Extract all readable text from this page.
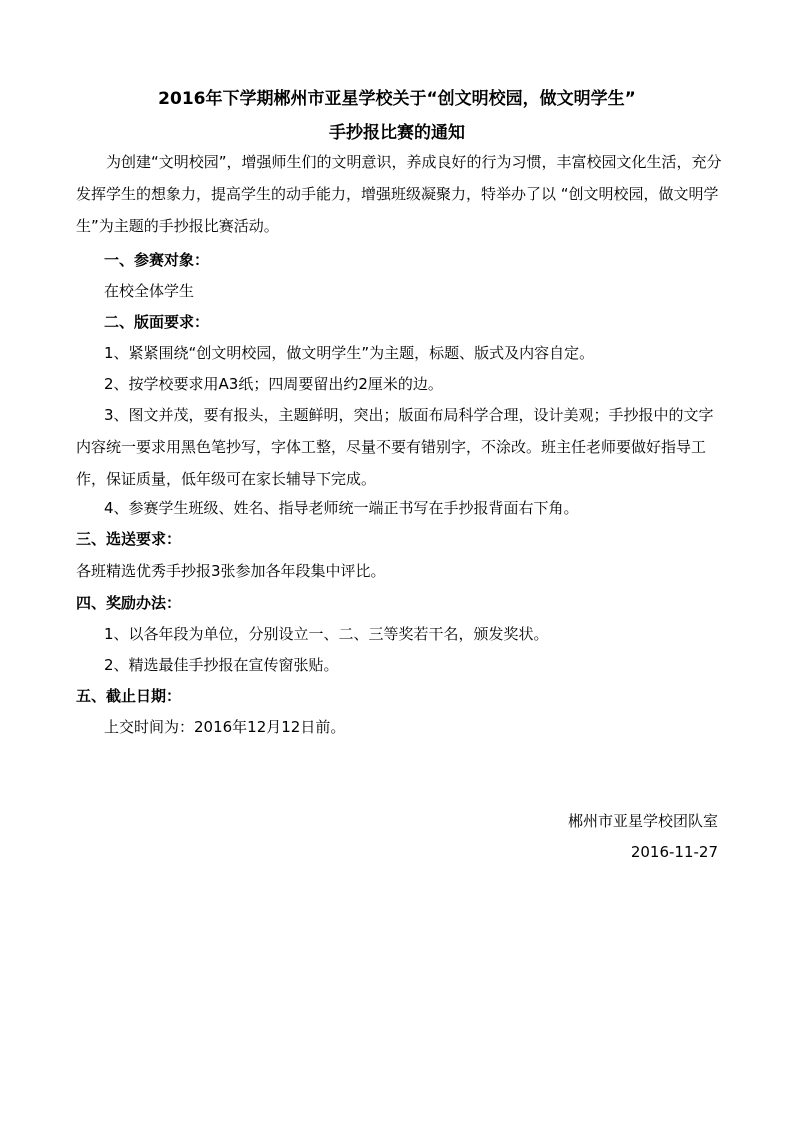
2016年下学期郴州市亚星学校关于“创文明校园，做文明学生”
手抄报比赛的通知
为创建“文明校园”，增强师生们的文明意识，养成良好的行为习惯，丰富校园文化生活，充分发挥学生的想象力，提高学生的动手能力，增强班级凝聚力，特举办了以 “创文明校园，做文明学生”为主题的手抄报比赛活动。
一、参赛对象：
在校全体学生
二、版面要求：
1、紧紧围绕“创文明校园，做文明学生”为主题，标题、版式及内容自定。
2、按学校要求用A3纸；四周要留出约2厘米的边。
3、图文并茂，要有报头，主题鲜明，突出；版面布局科学合理，设计美观；手抄报中的文字内容统一要求用黑色笔抄写，字体工整，尽量不要有错别字，不涂改。班主任老师要做好指导工作，保证质量，低年级可在家长辅导下完成。
4、参赛学生班级、姓名、指导老师统一端正书写在手抄报背面右下角。
三、选送要求：
各班精选优秀手抄报3张参加各年段集中评比。
四、奖励办法：
1、以各年段为单位，分别设立一、二、三等奖若干名，颁发奖状。
2、精选最佳手抄报在宣传窗张贴。
五、截止日期：
上交时间为：2016年12月12日前。
郴州市亚星学校团队室
2016-11-27
